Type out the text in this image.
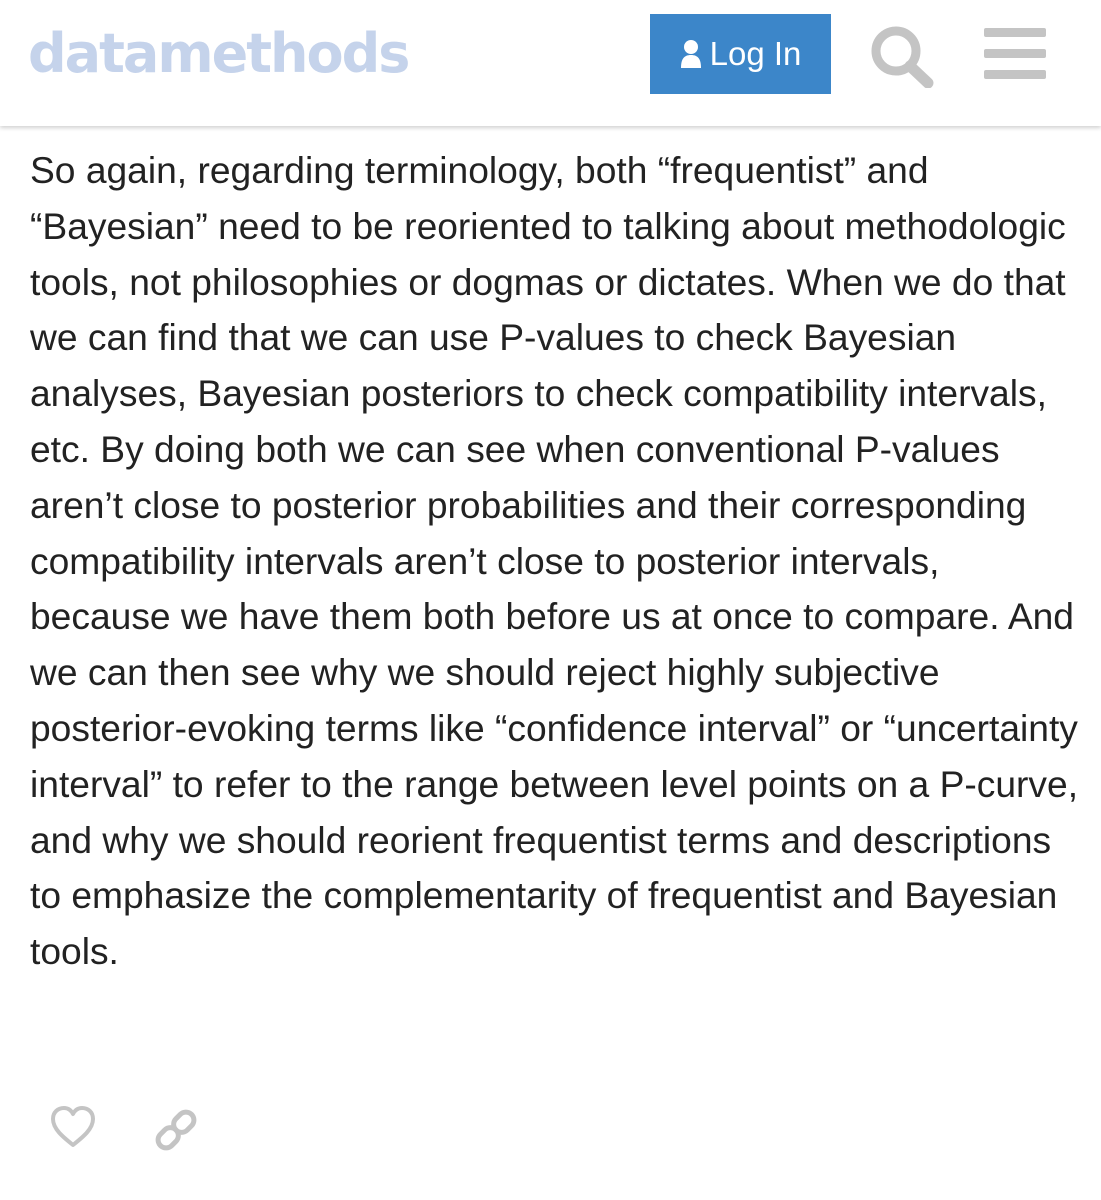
datamethods	Log In
So again, regarding terminology, both “frequentist” and “Bayesian” need to be reoriented to talking about methodologic tools, not philosophies or dogmas or dictates. When we do that we can find that we can use P-values to check Bayesian analyses, Bayesian posteriors to check compatibility intervals, etc. By doing both we can see when conventional P-values aren’t close to posterior probabilities and their corresponding compatibility intervals aren’t close to posterior intervals, because we have them both before us at once to compare. And we can then see why we should reject highly subjective posterior-evoking terms like “confidence interval” or “uncertainty interval” to refer to the range between level points on a P-curve, and why we should reorient frequentist terms and descriptions to emphasize the complementarity of frequentist and Bayesian tools.
